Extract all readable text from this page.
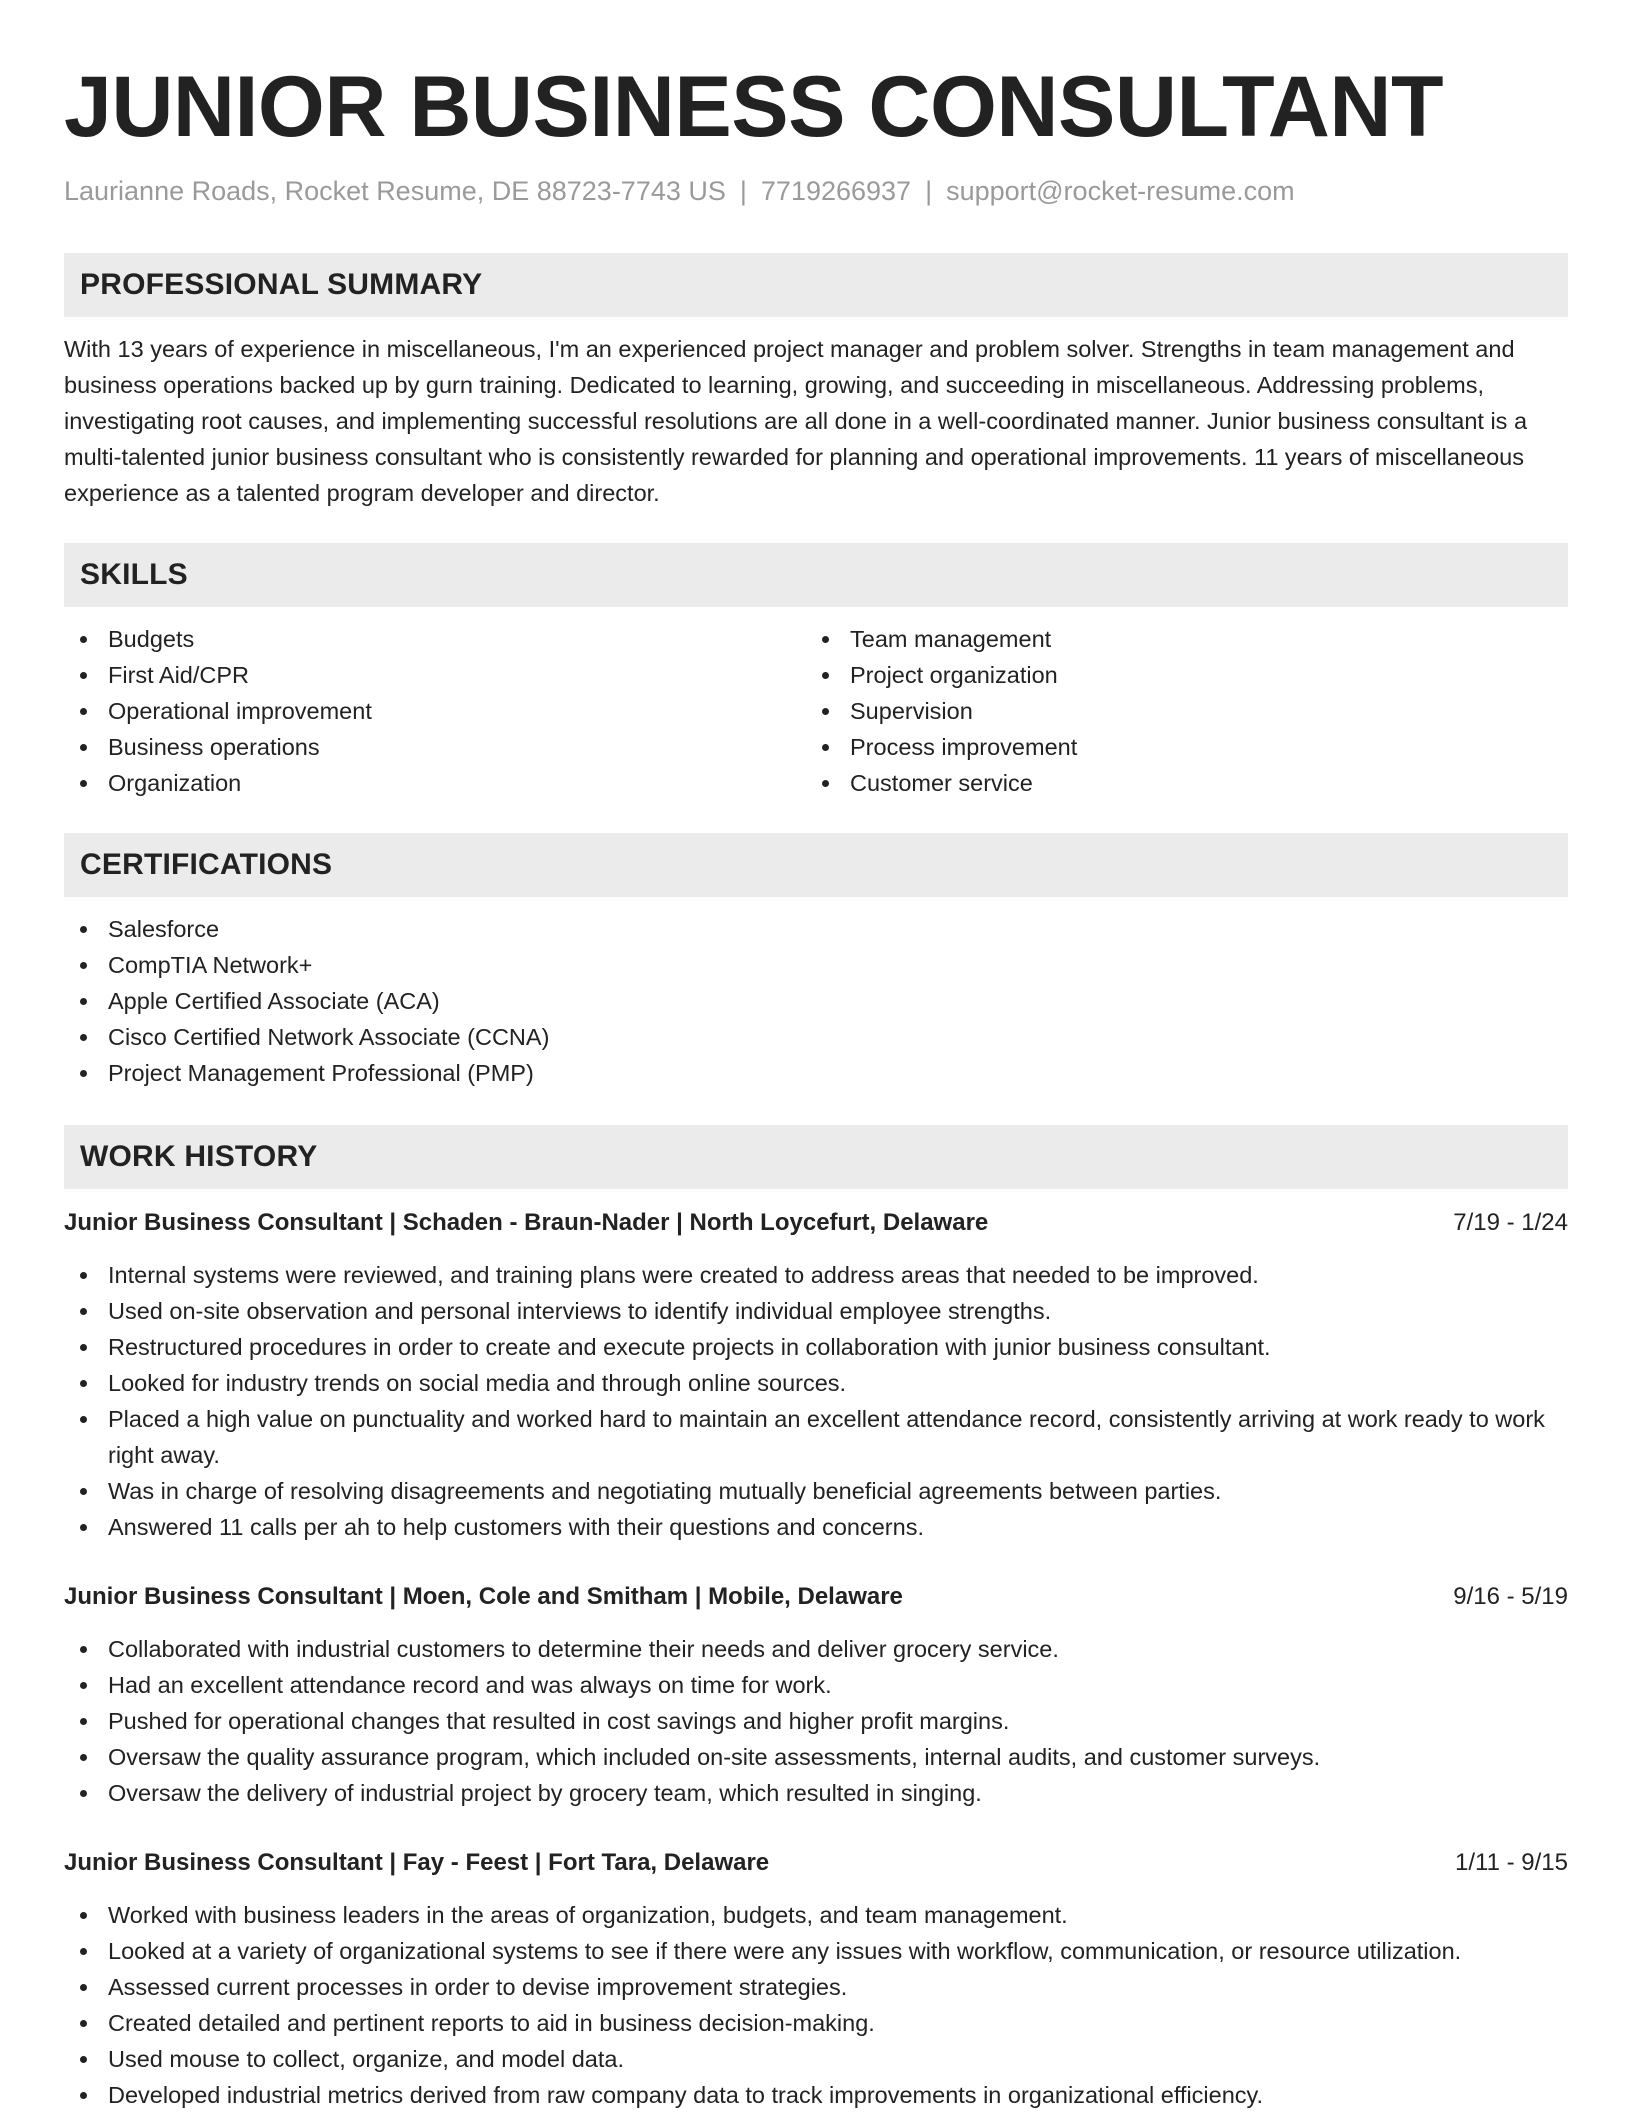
JUNIOR BUSINESS CONSULTANT
Laurianne Roads, Rocket Resume, DE 88723-7743 US | 7719266937 | support@rocket-resume.com
PROFESSIONAL SUMMARY

With 13 years of experience in miscellaneous, I'm an experienced project manager and problem solver. Strengths in team management and business operations backed up by gurn training. Dedicated to learning, growing, and succeeding in miscellaneous. Addressing problems, investigating root causes, and implementing successful resolutions are all done in a well-coordinated manner. Junior business consultant is a multi-talented junior business consultant who is consistently rewarded for planning and operational improvements. 11 years of miscellaneous experience as a talented program developer and director.

SKILLS
Budgets
First Aid/CPR
Operational improvement
Business operations
Organization
Team management
Project organization
Supervision
Process improvement
Customer service
CERTIFICATIONS
Salesforce
CompTIA Network+
Apple Certified Associate (ACA)
Cisco Certified Network Associate (CCNA)
Project Management Professional (PMP)
WORK HISTORY
Junior Business Consultant | Schaden - Braun-Nader | North Loycefurt, Delaware	7/19 - 1/24
Internal systems were reviewed, and training plans were created to address areas that needed to be improved.
Used on-site observation and personal interviews to identify individual employee strengths.
Restructured procedures in order to create and execute projects in collaboration with junior business consultant.
Looked for industry trends on social media and through online sources.
Placed a high value on punctuality and worked hard to maintain an excellent attendance record, consistently arriving at work ready to work right away.
Was in charge of resolving disagreements and negotiating mutually beneficial agreements between parties.
Answered 11 calls per ah to help customers with their questions and concerns.
Junior Business Consultant | Moen, Cole and Smitham | Mobile, Delaware	9/16 - 5/19
Collaborated with industrial customers to determine their needs and deliver grocery service.
Had an excellent attendance record and was always on time for work.
Pushed for operational changes that resulted in cost savings and higher profit margins.
Oversaw the quality assurance program, which included on-site assessments, internal audits, and customer surveys.
Oversaw the delivery of industrial project by grocery team, which resulted in singing.
Junior Business Consultant | Fay - Feest | Fort Tara, Delaware	1/11 - 9/15
Worked with business leaders in the areas of organization, budgets, and team management.
Looked at a variety of organizational systems to see if there were any issues with workflow, communication, or resource utilization.
Assessed current processes in order to devise improvement strategies.
Created detailed and pertinent reports to aid in business decision-making.
Used mouse to collect, organize, and model data.
Developed industrial metrics derived from raw company data to track improvements in organizational efficiency.
